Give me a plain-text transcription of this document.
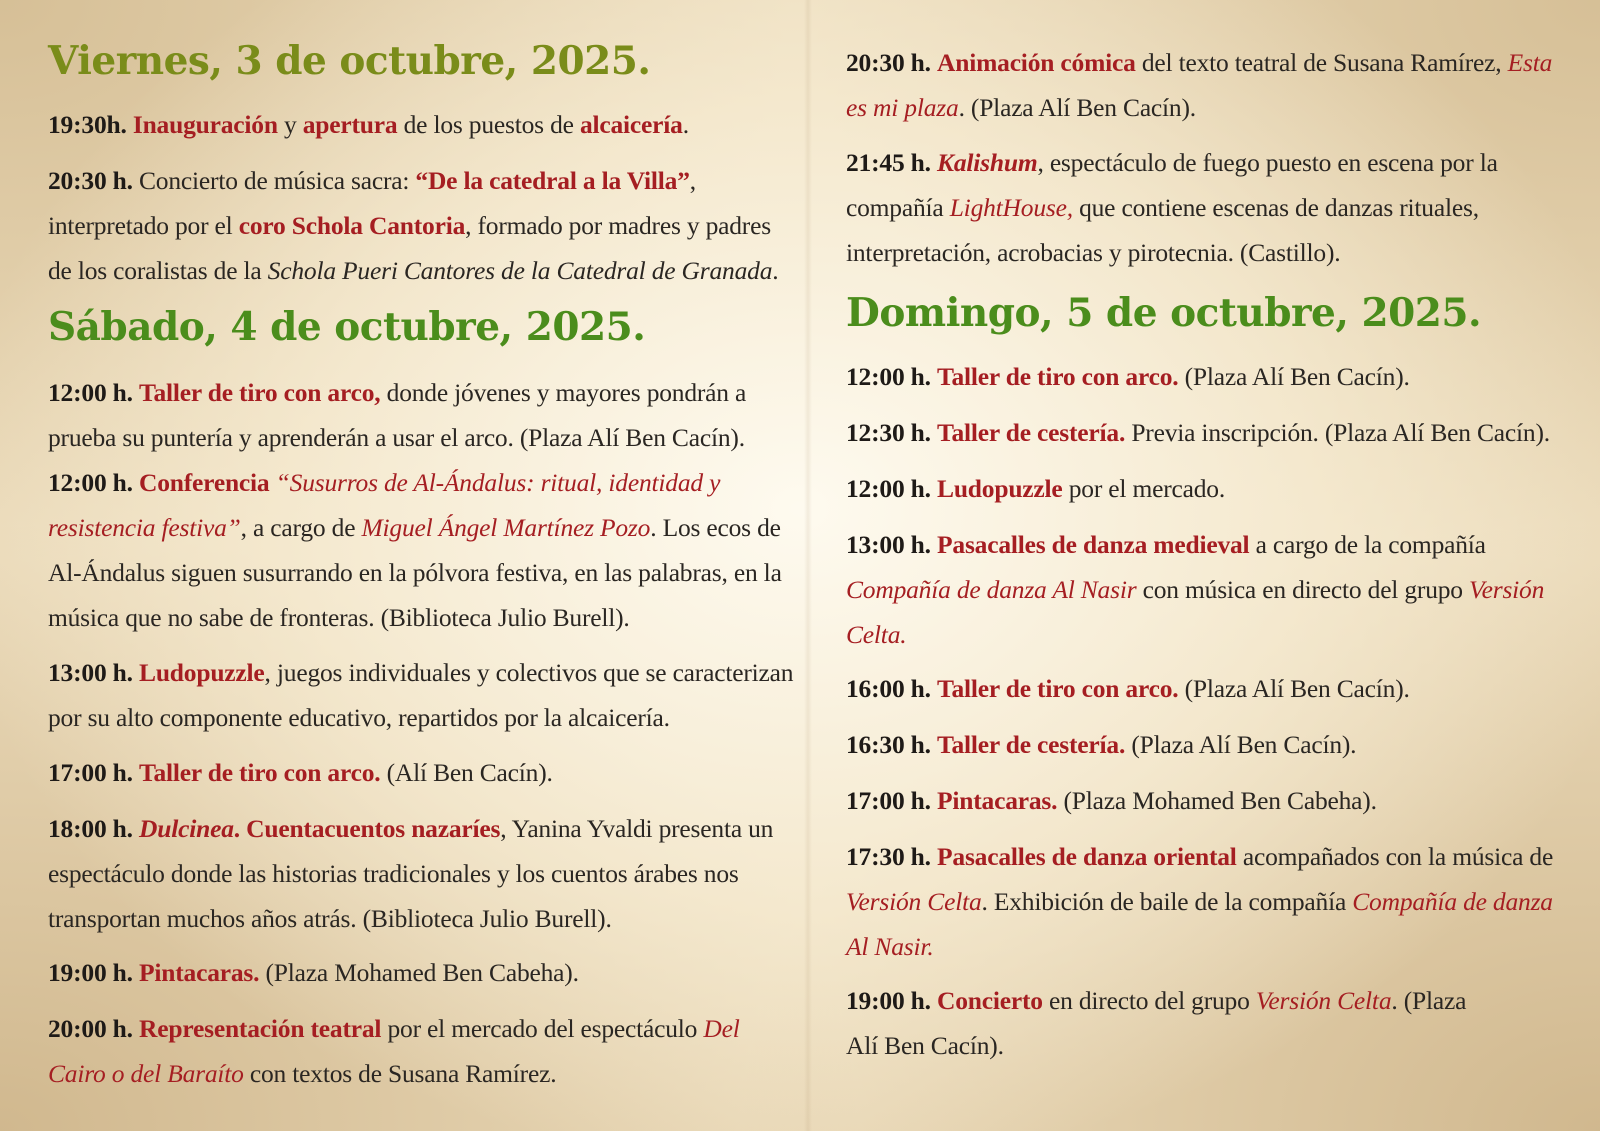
Viernes, 3 de octubre, 2025.

19:30h. Inauguración y apertura de los puestos de alcaicería.

20:30 h. Concierto de música sacra: “De la catedral a la Villa”, interpretado por el coro Schola Cantoria, formado por madres y padres de los coralistas de la Schola Pueri Cantores de la Catedral de Granada.

Sábado, 4 de octubre, 2025.

12:00 h. Taller de tiro con arco, donde jóvenes y mayores pondrán a prueba su puntería y aprenderán a usar el arco. (Plaza Alí Ben Cacín).

12:00 h. Conferencia “Susurros de Al-Ándalus: ritual, identidad y resistencia festiva”, a cargo de Miguel Ángel Martínez Pozo. Los ecos de Al-Ándalus siguen susurrando en la pólvora festiva, en las palabras, en la música que no sabe de fronteras. (Biblioteca Julio Burell).

13:00 h. Ludopuzzle, juegos individuales y colectivos que se caracterizan por su alto componente educativo, repartidos por la alcaicería.

17:00 h. Taller de tiro con arco. (Alí Ben Cacín).

18:00 h. Dulcinea. Cuentacuentos nazaríes, Yanina Yvaldi presenta un espectáculo donde las historias tradicionales y los cuentos árabes nos transportan muchos años atrás. (Biblioteca Julio Burell).

19:00 h. Pintacaras. (Plaza Mohamed Ben Cabeha).

20:00 h. Representación teatral por el mercado del espectáculo Del Cairo o del Baraíto con textos de Susana Ramírez.

20:30 h. Animación cómica del texto teatral de Susana Ramírez, Esta es mi plaza. (Plaza Alí Ben Cacín).

21:45 h. Kalishum, espectáculo de fuego puesto en escena por la compañía LightHouse, que contiene escenas de danzas rituales, interpretación, acrobacias y pirotecnia. (Castillo).

Domingo, 5 de octubre, 2025.

12:00 h. Taller de tiro con arco. (Plaza Alí Ben Cacín).

12:30 h. Taller de cestería. Previa inscripción. (Plaza Alí Ben Cacín).

12:00 h. Ludopuzzle por el mercado.

13:00 h. Pasacalles de danza medieval a cargo de la compañía Compañía de danza Al Nasir con música en directo del grupo Versión Celta.

16:00 h. Taller de tiro con arco. (Plaza Alí Ben Cacín).

16:30 h. Taller de cestería. (Plaza Alí Ben Cacín).

17:00 h. Pintacaras. (Plaza Mohamed Ben Cabeha).

17:30 h. Pasacalles de danza oriental acompañados con la música de Versión Celta. Exhibición de baile de la compañía Compañía de danza Al Nasir.

19:00 h. Concierto en directo del grupo Versión Celta. (Plaza Alí Ben Cacín).
